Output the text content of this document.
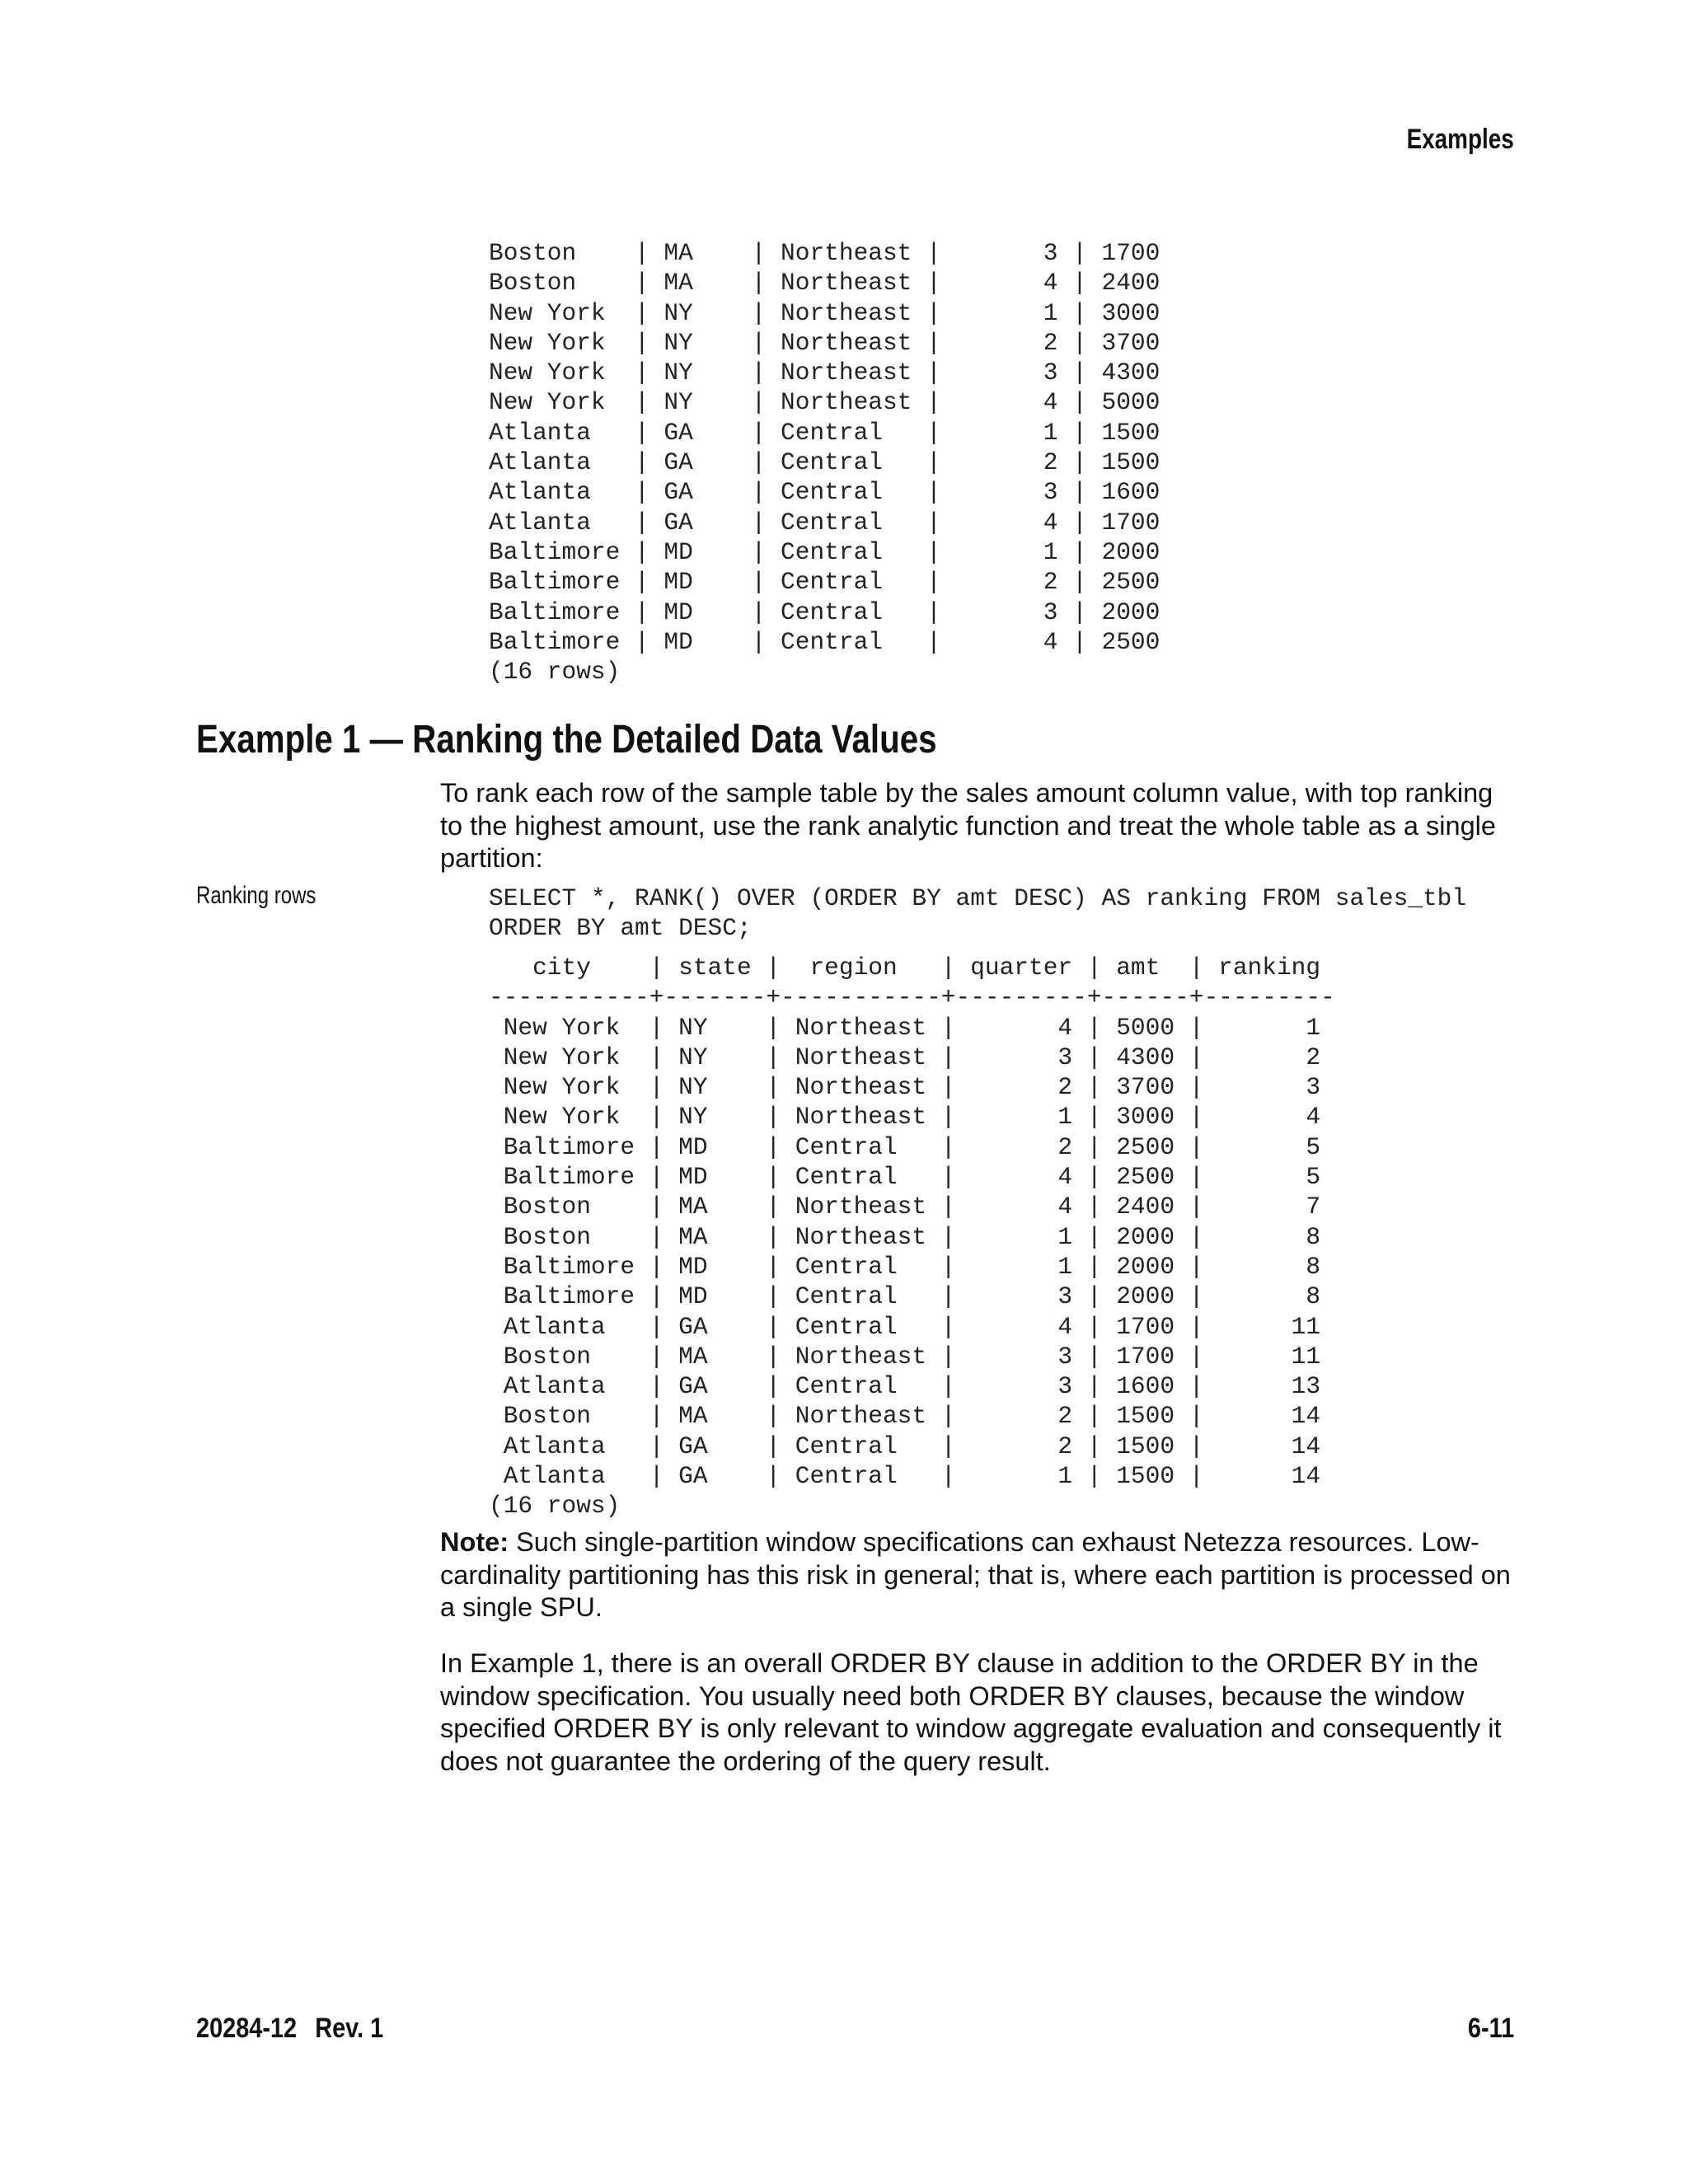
Examples
Boston    | MA    | Northeast |       3 | 1700
Boston    | MA    | Northeast |       4 | 2400
New York  | NY    | Northeast |       1 | 3000
New York  | NY    | Northeast |       2 | 3700
New York  | NY    | Northeast |       3 | 4300
New York  | NY    | Northeast |       4 | 5000
Atlanta   | GA    | Central   |       1 | 1500
Atlanta   | GA    | Central   |       2 | 1500
Atlanta   | GA    | Central   |       3 | 1600
Atlanta   | GA    | Central   |       4 | 1700
Baltimore | MD    | Central   |       1 | 2000
Baltimore | MD    | Central   |       2 | 2500
Baltimore | MD    | Central   |       3 | 2000
Baltimore | MD    | Central   |       4 | 2500
(16 rows)
Example 1 — Ranking the Detailed Data Values

To rank each row of the sample table by the sales amount column value, with top ranking to the highest amount, use the rank analytic function and treat the whole table as a single partition:

Ranking rows	SELECT *, RANK() OVER (ORDER BY amt DESC) AS ranking FROM sales_tbl
ORDER BY amt DESC;
city    | state |  region   | quarter | amt  | ranking
-----------+-------+-----------+---------+------+---------
New York  | NY    | Northeast |       4 | 5000 |       1
New York  | NY    | Northeast |       3 | 4300 |       2
New York  | NY    | Northeast |       2 | 3700 |       3
New York  | NY    | Northeast |       1 | 3000 |       4
Baltimore | MD    | Central   |       2 | 2500 |       5
Baltimore | MD    | Central   |       4 | 2500 |       5
Boston    | MA    | Northeast |       4 | 2400 |       7
Boston    | MA    | Northeast |       1 | 2000 |       8
Baltimore | MD    | Central   |       1 | 2000 |       8
Baltimore | MD    | Central   |       3 | 2000 |       8
Atlanta   | GA    | Central   |       4 | 1700 |      11
Boston    | MA    | Northeast |       3 | 1700 |      11
Atlanta   | GA    | Central   |       3 | 1600 |      13
Boston    | MA    | Northeast |       2 | 1500 |      14
Atlanta   | GA    | Central   |       2 | 1500 |      14
Atlanta   | GA    | Central   |       1 | 1500 |      14
(16 rows)

Note: Such single-partition window specifications can exhaust Netezza resources. Low-cardinality partitioning has this risk in general; that is, where each partition is processed on a single SPU.

In Example 1, there is an overall ORDER BY clause in addition to the ORDER BY in the window specification. You usually need both ORDER BY clauses, because the window specified ORDER BY is only relevant to window aggregate evaluation and consequently it does not guarantee the ordering of the query result.

20284-12 Rev. 1	6-11
